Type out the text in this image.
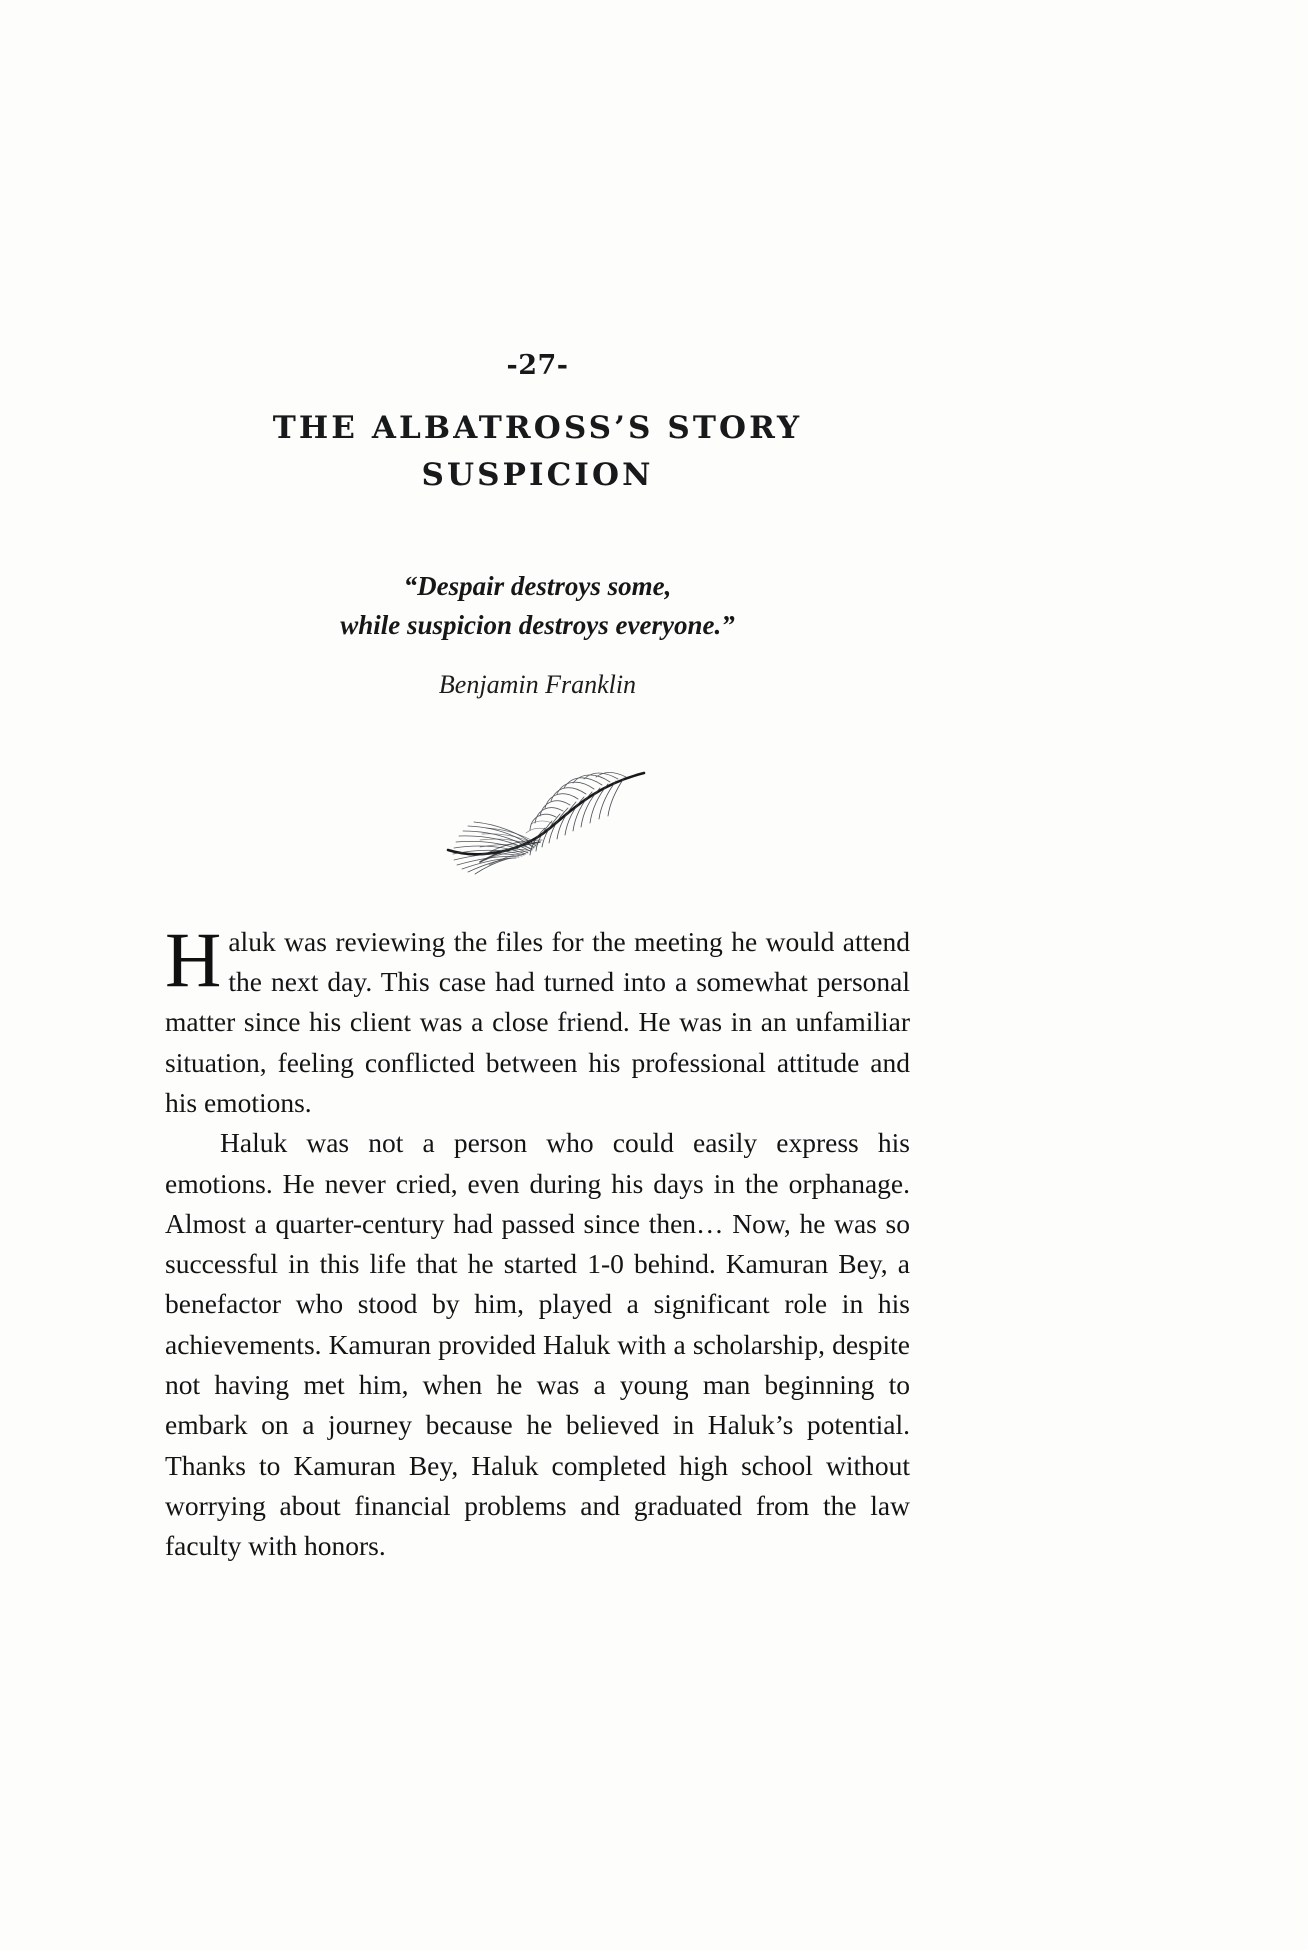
-27-
THE ALBATROSS’S STORY
SUSPICION
“Despair destroys some,
while suspicion destroys everyone.”
Benjamin Franklin

Haluk was reviewing the files for the meeting he would attend the next day. This case had turned into a somewhat personal matter since his client was a close friend. He was in an unfamiliar situation, feeling conflicted between his professional attitude and his emotions.

Haluk was not a person who could easily express his emotions. He never cried, even during his days in the orphanage. Almost a quarter-century had passed since then… Now, he was so successful in this life that he started 1-0 behind. Kamuran Bey, a benefactor who stood by him, played a significant role in his achievements. Kamuran provided Haluk with a scholarship, despite not having met him, when he was a young man beginning to embark on a journey because he believed in Haluk’s potential. Thanks to Kamuran Bey, Haluk completed high school without worrying about financial problems and graduated from the law faculty with honors.
